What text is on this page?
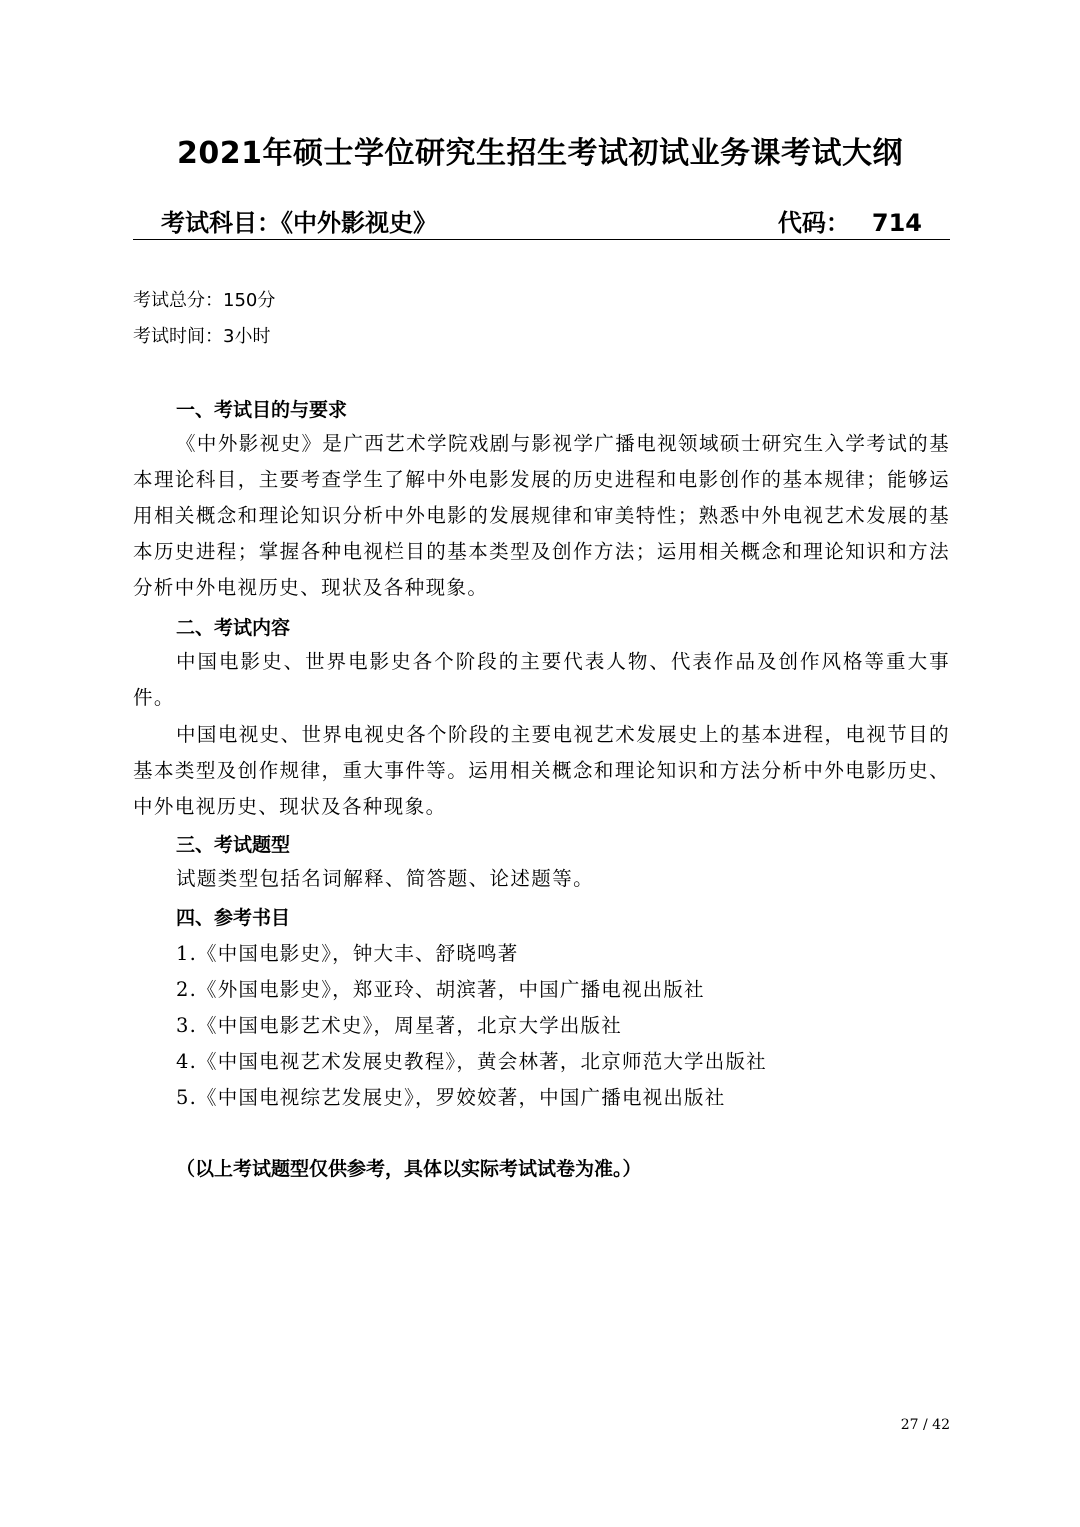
2021年硕士学位研究生招生考试初试业务课考试大纲
考试科目：《中外影视史》	代码： 714
考试总分：150分
考试时间：3小时
一、考试目的与要求
《中外影视史》是广西艺术学院戏剧与影视学广播电视领域硕士研究生入学考试的基本理论科目，主要考查学生了解中外电影发展的历史进程和电影创作的基本规律；能够运用相关概念和理论知识分析中外电影的发展规律和审美特性；熟悉中外电视艺术发展的基本历史进程；掌握各种电视栏目的基本类型及创作方法；运用相关概念和理论知识和方法分析中外电视历史、现状及各种现象。
二、考试内容
中国电影史、世界电影史各个阶段的主要代表人物、代表作品及创作风格等重大事件。
中国电视史、世界电视史各个阶段的主要电视艺术发展史上的基本进程，电视节目的基本类型及创作规律，重大事件等。运用相关概念和理论知识和方法分析中外电影历史、中外电视历史、现状及各种现象。
三、考试题型
试题类型包括名词解释、简答题、论述题等。
四、参考书目
1.《中国电影史》，钟大丰、舒晓鸣著
2.《外国电影史》，郑亚玲、胡滨著，中国广播电视出版社
3.《中国电影艺术史》，周星著，北京大学出版社
4.《中国电视艺术发展史教程》，黄会林著，北京师范大学出版社
5.《中国电视综艺发展史》，罗姣姣著，中国广播电视出版社
（以上考试题型仅供参考，具体以实际考试试卷为准。）
27 / 42
